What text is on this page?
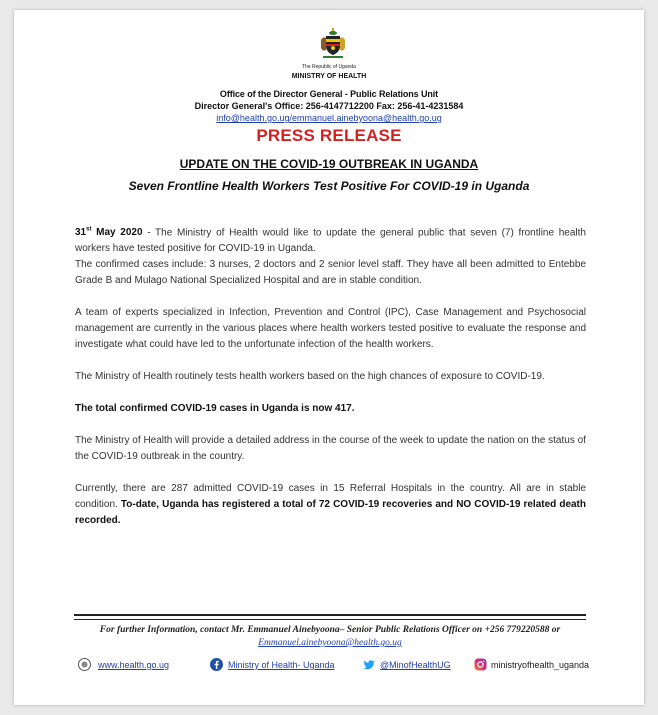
The Republic of Uganda
MINISTRY OF HEALTH
Office of the Director General - Public Relations Unit
Director General's Office: 256-4147712200 Fax: 256-41-4231584
info@health.go.ug/emmanuel.ainebyoona@health.go.ug
PRESS RELEASE
UPDATE ON THE COVID-19 OUTBREAK IN UGANDA
Seven Frontline Health Workers Test Positive For COVID-19 in Uganda

31st May 2020 - The Ministry of Health would like to update the general public that seven (7) frontline health workers have tested positive for COVID-19 in Uganda.

The confirmed cases include: 3 nurses, 2 doctors and 2 senior level staff. They have all been admitted to Entebbe Grade B and Mulago National Specialized Hospital and are in stable condition.

A team of experts specialized in Infection, Prevention and Control (IPC), Case Management and Psychosocial management are currently in the various places where health workers tested positive to evaluate the response and investigate what could have led to the unfortunate infection of the health workers.

The Ministry of Health routinely tests health workers based on the high chances of exposure to COVID-19.

The total confirmed COVID-19 cases in Uganda is now 417.

The Ministry of Health will provide a detailed address in the course of the week to update the nation on the status of the COVID-19 outbreak in the country.

Currently, there are 287 admitted COVID-19 cases in 15 Referral Hospitals in the country. All are in stable condition. To-date, Uganda has registered a total of 72 COVID-19 recoveries and NO COVID-19 related death recorded.

For further Information, contact Mr. Emmanuel Ainebyoona– Senior Public Relations Officer on +256 779220588 or Emmanuel.ainebyoona@health.go.ug
www.health.go.ug	Ministry of Health- Uganda	@MinofHealthUG	ministryofhealth_uganda
